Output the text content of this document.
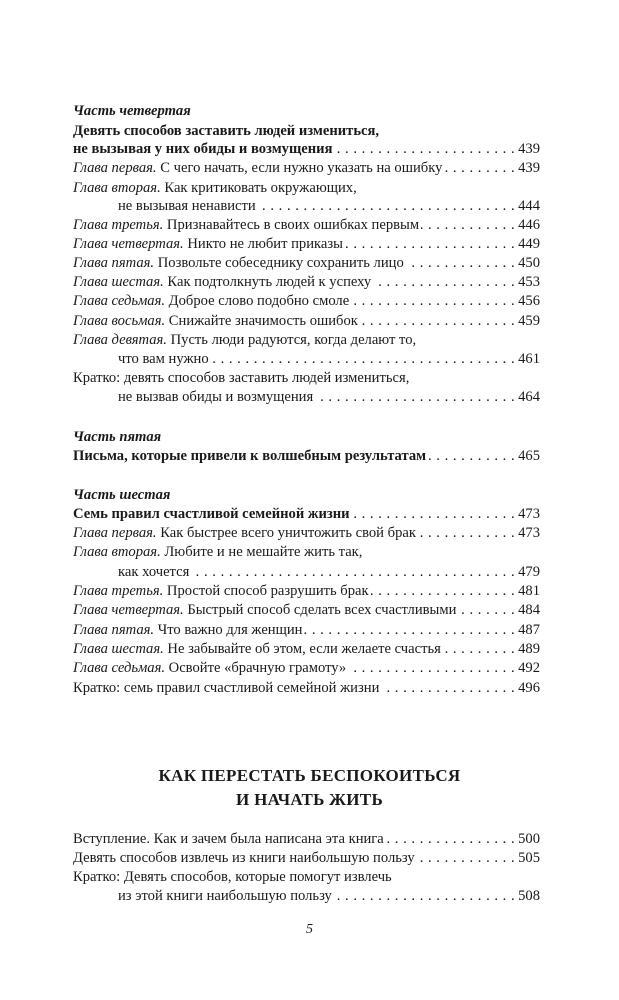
Часть четвертая
Девять способов заставить людей измениться,
не вызывая у них обиды и возмущения . . .	439
Глава первая. С чего начать, если нужно указать на ошибку . . .	439
Глава вторая. Как критиковать окружающих,
не вызывая ненависти . . .	444
Глава третья. Признавайтесь в своих ошибках первым . . .	446
Глава четвертая. Никто не любит приказы . . .	449
Глава пятая. Позвольте собеседнику сохранить лицо . . .	450
Глава шестая. Как подтолкнуть людей к успеху . . .	453
Глава седьмая. Доброе слово подобно смоле . . .	456
Глава восьмая. Снижайте значимость ошибок . . .	459
Глава девятая. Пусть люди радуются, когда делают то,
что вам нужно . . .	461
Кратко: девять способов заставить людей измениться,
не вызвав обиды и возмущения . . .	464
Часть пятая
Письма, которые привели к волшебным результатам . . .	465
Часть шестая
Семь правил счастливой семейной жизни . . .	473
Глава первая. Как быстрее всего уничтожить свой брак . . .	473
Глава вторая. Любите и не мешайте жить так,
как хочется . . .	479
Глава третья. Простой способ разрушить брак . . .	481
Глава четвертая. Быстрый способ сделать всех счастливыми . . .	484
Глава пятая. Что важно для женщин . . .	487
Глава шестая. Не забывайте об этом, если желаете счастья . . .	489
Глава седьмая. Освойте «брачную грамоту» . . .	492
Кратко: семь правил счастливой семейной жизни . . .	496
Вступление. Как и зачем была написана эта книга . . .	500
Девять способов извлечь из книги наибольшую пользу . . .	505
Кратко: Девять способов, которые помогут извлечь
из этой книги наибольшую пользу . . .	508
КАК ПЕРЕСТАТЬ БЕСПОКОИТЬСЯ
И НАЧАТЬ ЖИТЬ
5
